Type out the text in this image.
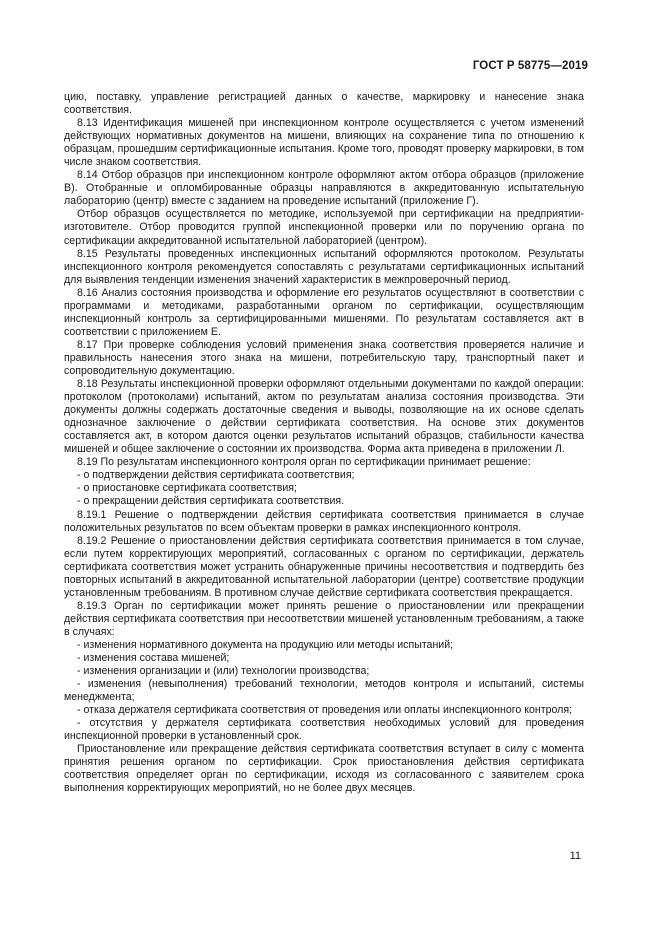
ГОСТ Р 58775—2019

цию, поставку, управление регистрацией данных о качестве, маркировку и нанесение знака соответствия.

8.13 Идентификация мишеней при инспекционном контроле осуществляется с учетом изменений действующих нормативных документов на мишени, влияющих на сохранение типа по отношению к образцам, прошедшим сертификационные испытания. Кроме того, проводят проверку маркировки, в том числе знаком соответствия.

8.14 Отбор образцов при инспекционном контроле оформляют актом отбора образцов (приложение В). Отобранные и опломбированные образцы направляются в аккредитованную испытательную лабораторию (центр) вместе с заданием на проведение испытаний (приложение Г).

Отбор образцов осуществляется по методике, используемой при сертификации на предприятии-изготовителе. Отбор проводится группой инспекционной проверки или по поручению органа по сертификации аккредитованной испытательной лабораторией (центром).

8.15 Результаты проведенных инспекционных испытаний оформляются протоколом. Результаты инспекционного контроля рекомендуется сопоставлять с результатами сертификационных испытаний для выявления тенденции изменения значений характеристик в межпроверочный период.

8.16 Анализ состояния производства и оформление его результатов осуществляют в соответствии с программами и методиками, разработанными органом по сертификации, осуществляющим инспекционный контроль за сертифицированными мишенями. По результатам составляется акт в соответствии с приложением Е.

8.17 При проверке соблюдения условий применения знака соответствия проверяется наличие и правильность нанесения этого знака на мишени, потребительскую тару, транспортный пакет и сопроводительную документацию.

8.18 Результаты инспекционной проверки оформляют отдельными документами по каждой операции: протоколом (протоколами) испытаний, актом по результатам анализа состояния производства. Эти документы должны содержать достаточные сведения и выводы, позволяющие на их основе сделать однозначное заключение о действии сертификата соответствия. На основе этих документов составляется акт, в котором даются оценки результатов испытаний образцов, стабильности качества мишеней и общее заключение о состоянии их производства. Форма акта приведена в приложении Л.

8.19 По результатам инспекционного контроля орган по сертификации принимает решение:

- о подтверждении действия сертификата соответствия;

- о приостановке сертификата соответствия;

- о прекращении действия сертификата соответствия.

8.19.1 Решение о подтверждении действия сертификата соответствия принимается в случае положительных результатов по всем объектам проверки в рамках инспекционного контроля.

8.19.2 Решение о приостановлении действия сертификата соответствия принимается в том случае, если путем корректирующих мероприятий, согласованных с органом по сертификации, держатель сертификата соответствия может устранить обнаруженные причины несоответствия и подтвердить без повторных испытаний в аккредитованной испытательной лаборатории (центре) соответствие продукции установленным требованиям. В противном случае действие сертификата соответствия прекращается.

8.19.3 Орган по сертификации может принять решение о приостановлении или прекращении действия сертификата соответствия при несоответствии мишеней установленным требованиям, а также в случаях:

- изменения нормативного документа на продукцию или методы испытаний;

- изменения состава мишеней;

- изменения организации и (или) технологии производства;

- изменения (невыполнения) требований технологии, методов контроля и испытаний, системы менеджмента;

- отказа держателя сертификата соответствия от проведения или оплаты инспекционного контроля;

- отсутствия у держателя сертификата соответствия необходимых условий для проведения инспекционной проверки в установленный срок.

Приостановление или прекращение действия сертификата соответствия вступает в силу с момента принятия решения органом по сертификации. Срок приостановления действия сертификата соответствия определяет орган по сертификации, исходя из согласованного с заявителем срока выполнения корректирующих мероприятий, но не более двух месяцев.

11
